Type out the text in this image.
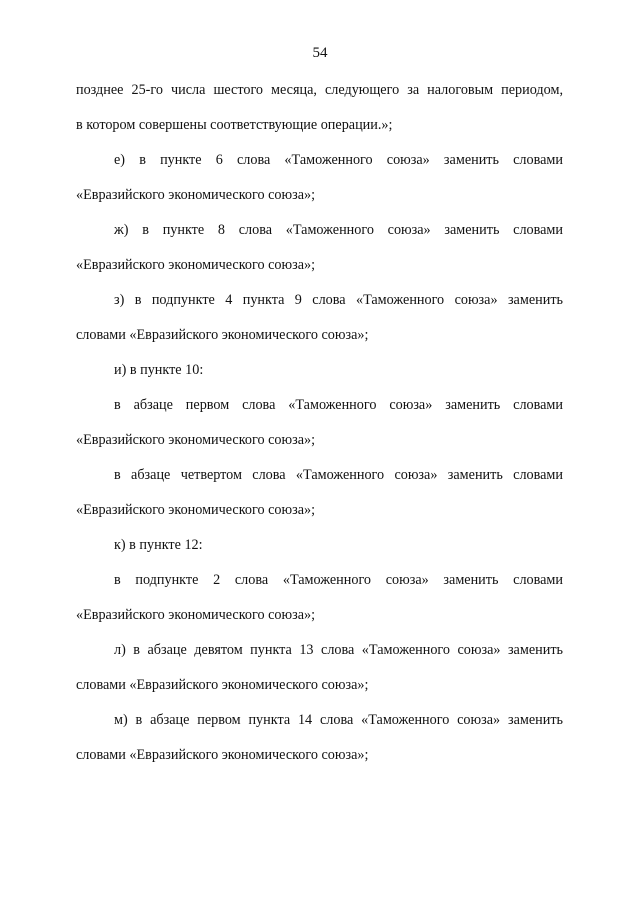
54
позднее 25-го числа шестого месяца, следующего за налоговым периодом,
в котором совершены соответствующие операции.»;
е) в пункте 6 слова «Таможенного союза» заменить словами
«Евразийского экономического союза»;
ж) в пункте 8 слова «Таможенного союза» заменить словами
«Евразийского экономического союза»;
з) в подпункте 4 пункта 9 слова «Таможенного союза» заменить
словами «Евразийского экономического союза»;
и) в пункте 10:
в абзаце первом слова «Таможенного союза» заменить словами
«Евразийского экономического союза»;
в абзаце четвертом слова «Таможенного союза» заменить словами
«Евразийского экономического союза»;
к) в пункте 12:
в подпункте 2 слова «Таможенного союза» заменить словами
«Евразийского экономического союза»;
л) в абзаце девятом пункта 13 слова «Таможенного союза» заменить
словами «Евразийского экономического союза»;
м) в абзаце первом пункта 14 слова «Таможенного союза» заменить
словами «Евразийского экономического союза»;
